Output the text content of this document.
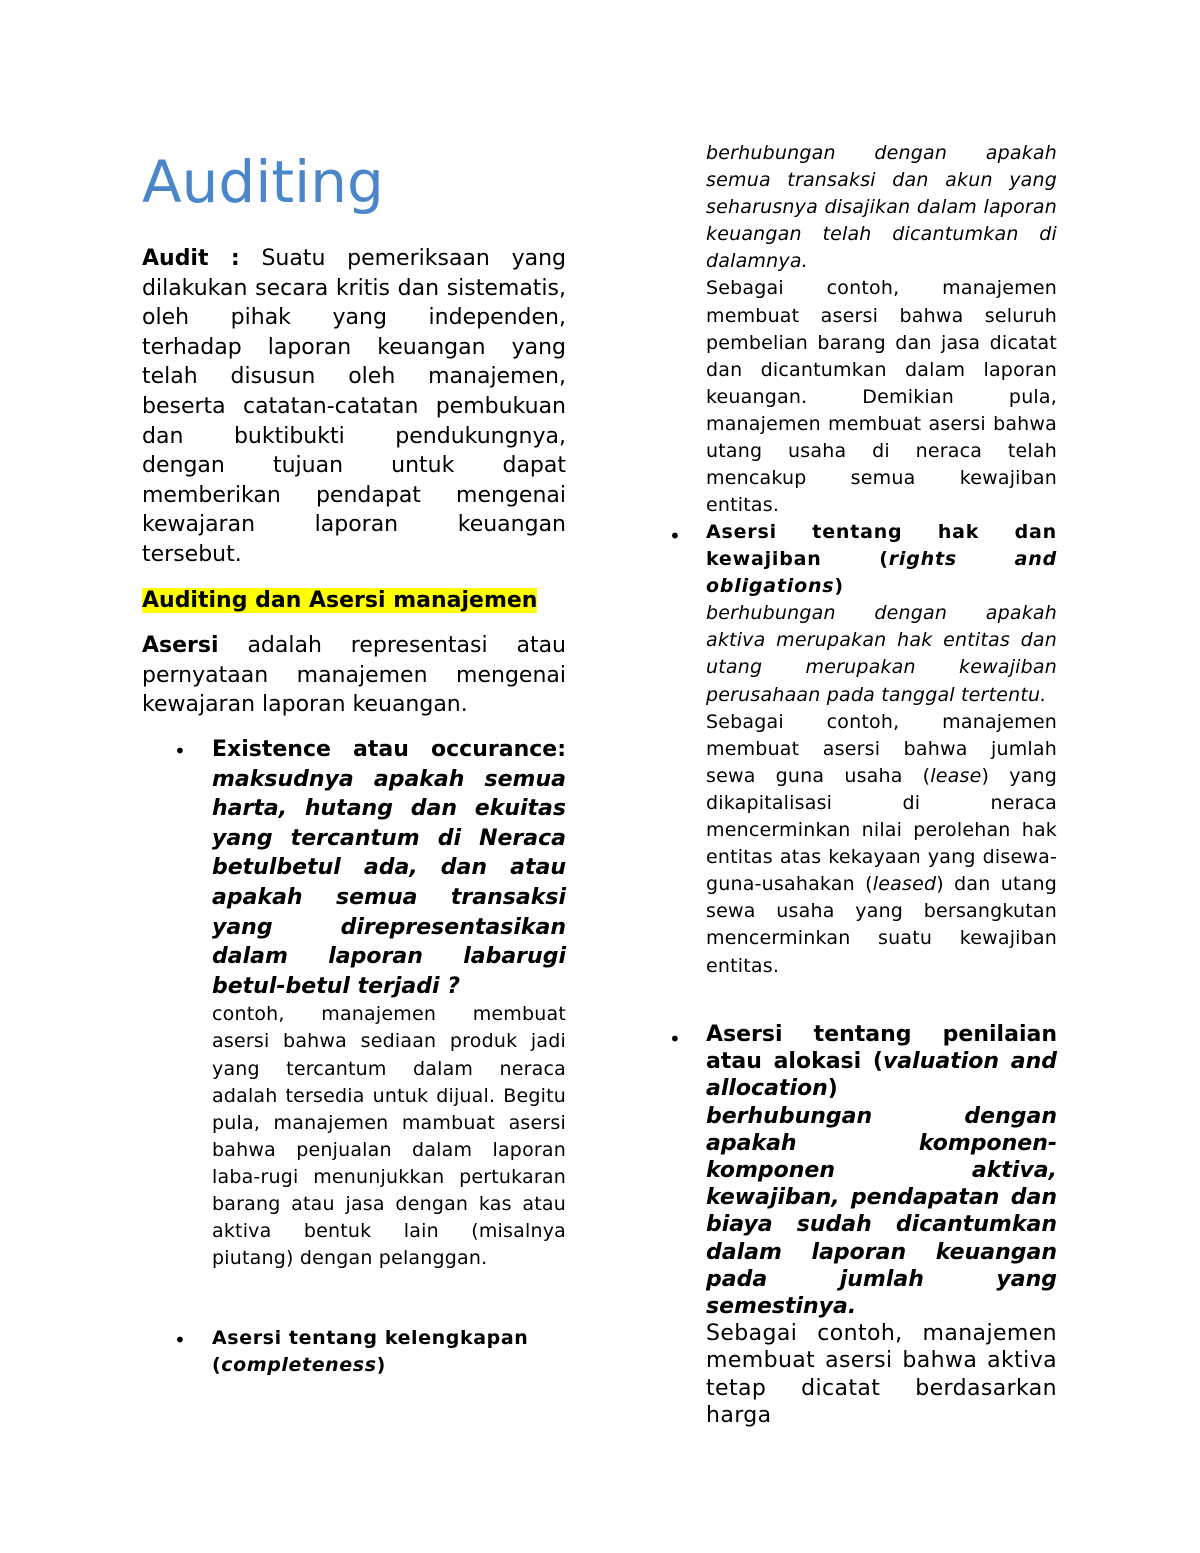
Auditing

Audit : Suatu pemeriksaan yang dilakukan secara kritis dan sistematis, oleh pihak yang independen, terhadap laporan keuangan yang telah disusun oleh manajemen, beserta catatan-catatan pembukuan dan buktibukti pendukungnya, dengan tujuan untuk dapat memberikan pendapat mengenai kewajaran laporan keuangan tersebut.

Auditing dan Asersi manajemen

Asersi adalah representasi atau pernyataan manajemen mengenai kewajaran laporan keuangan.

• Existence atau occurance: maksudnya apakah semua harta, hutang dan ekuitas yang tercantum di Neraca betulbetul ada, dan atau apakah semua transaksi yang direpresentasikan dalam laporan labarugi betul-betul terjadi ?

contoh, manajemen membuat asersi bahwa sediaan produk jadi yang tercantum dalam neraca adalah tersedia untuk dijual. Begitu pula, manajemen mambuat asersi bahwa penjualan dalam laporan laba-rugi menunjukkan pertukaran barang atau jasa dengan kas atau aktiva bentuk lain (misalnya piutang) dengan pelanggan.

• Asersi tentang kelengkapan (completeness)

berhubungan dengan apakah semua transaksi dan akun yang seharusnya disajikan dalam laporan keuangan telah dicantumkan di dalamnya.

Sebagai contoh, manajemen membuat asersi bahwa seluruh pembelian barang dan jasa dicatat dan dicantumkan dalam laporan keuangan. Demikian pula, manajemen membuat asersi bahwa utang usaha di neraca telah mencakup semua kewajiban entitas.

• Asersi tentang hak dan kewajiban (rights and obligations)

berhubungan dengan apakah aktiva merupakan hak entitas dan utang merupakan kewajiban perusahaan pada tanggal tertentu.

Sebagai contoh, manajemen membuat asersi bahwa jumlah sewa guna usaha (lease) yang dikapitalisasi di neraca mencerminkan nilai perolehan hak entitas atas kekayaan yang disewa-guna-usahakan (leased) dan utang sewa usaha yang bersangkutan mencerminkan suatu kewajiban entitas.

• Asersi tentang penilaian atau alokasi (valuation and allocation)

berhubungan dengan apakah komponen-komponen aktiva, kewajiban, pendapatan dan biaya sudah dicantumkan dalam laporan keuangan pada jumlah yang semestinya.

Sebagai contoh, manajemen membuat asersi bahwa aktiva tetap dicatat berdasarkan harga
